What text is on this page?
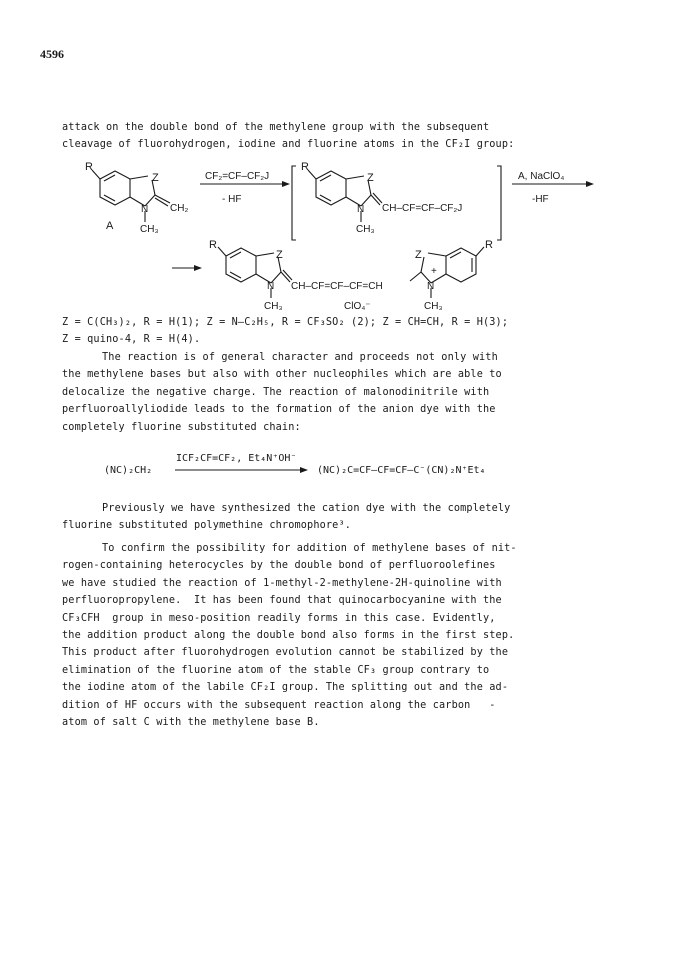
4596
attack on the double bond of the methylene group with the subsequent
cleavage of fluorohydrogen, iodine and fluorine atoms in the CF₂I group:
R
Z
N CH₂
A	CH₃
CF₂=CF–CF₂J
- HF
R
Z
N CH–CF=CF–CF₂J
CH₃
A, NaClO₄
-HF
R
Z
N CH–CF=CF–CF=CH
CH₃	ClO₄⁻
Z
+
N
CH₃
R
Z = C(CH₃)₂, R = H(1); Z = N–C₂H₅, R = CF₃SO₂ (2); Z = CH=CH, R = H(3);
Z = quino-4, R = H(4).
The reaction is of general character and proceeds not only with
the methylene bases but also with other nucleophiles which are able to
delocalize the negative charge. The reaction of malonodinitrile with
perfluoroallyliodide leads to the formation of the anion dye with the
completely fluorine substituted chain:
(NC)₂CH₂
ICF₂CF=CF₂, Et₄N⁺OH⁻
(NC)₂C=CF–CF=CF–C⁻(CN)₂N⁺Et₄
Previously we have synthesized the cation dye with the completely
fluorine substituted polymethine chromophore³.
To confirm the possibility for addition of methylene bases of nit-
rogen-containing heterocycles by the double bond of perfluoroolefines
we have studied the reaction of 1-methyl-2-methylene-2H-quinoline with
perfluoropropylene.  It has been found that quinocarbocyanine with the
CF₃CFH  group in meso-position readily forms in this case. Evidently,
the addition product along the double bond also forms in the first step.
This product after fluorohydrogen evolution cannot be stabilized by the
elimination of the fluorine atom of the stable CF₃ group contrary to
the iodine atom of the labile CF₂I group. The splitting out and the ad-
dition of HF occurs with the subsequent reaction along the carbon   -
atom of salt C with the methylene base B.
